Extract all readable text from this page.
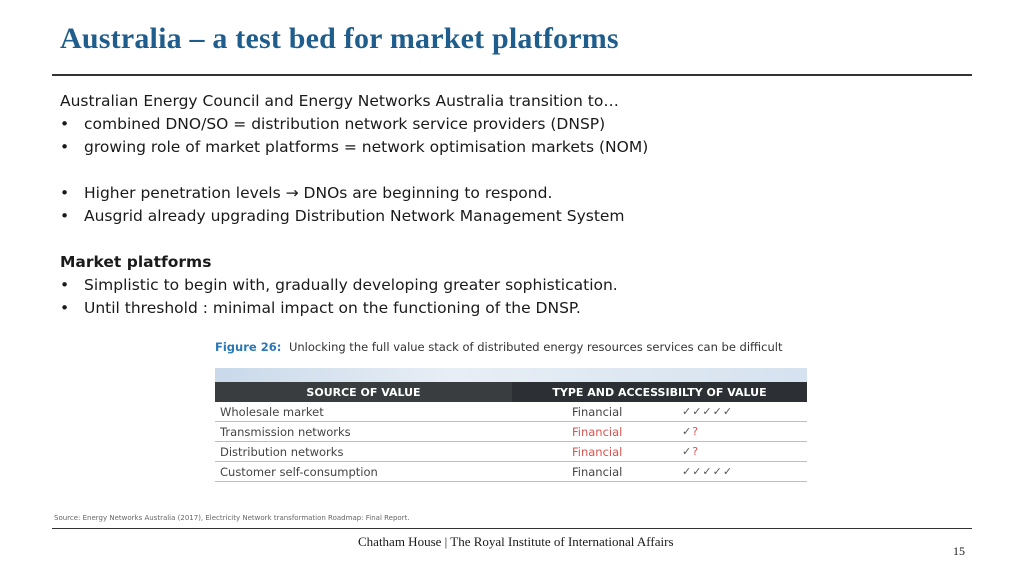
Australia – a test bed for market platforms
Australian Energy Council and Energy Networks Australia transition to…
• combined DNO/SO = distribution network service providers (DNSP)
• growing role of market platforms = network optimisation markets (NOM)
• Higher penetration levels → DNOs are beginning to respond.
• Ausgrid already upgrading Distribution Network Management System
Market platforms
• Simplistic to begin with, gradually developing greater sophistication.
• Until threshold : minimal impact on the functioning of the DNSP.
Figure 26: Unlocking the full value stack of distributed energy resources services can be difficult
SOURCE OF VALUE	TYPE AND ACCESSIBILTY OF VALUE	
Wholesale market	Financial	✓✓✓✓✓
Transmission networks	Financial	✓?
Distribution networks	Financial	✓?
Customer self-consumption	Financial	✓✓✓✓✓
Source: Energy Networks Australia (2017), Electricity Network transformation Roadmap: Final Report.
Chatham House | The Royal Institute of International Affairs
15
